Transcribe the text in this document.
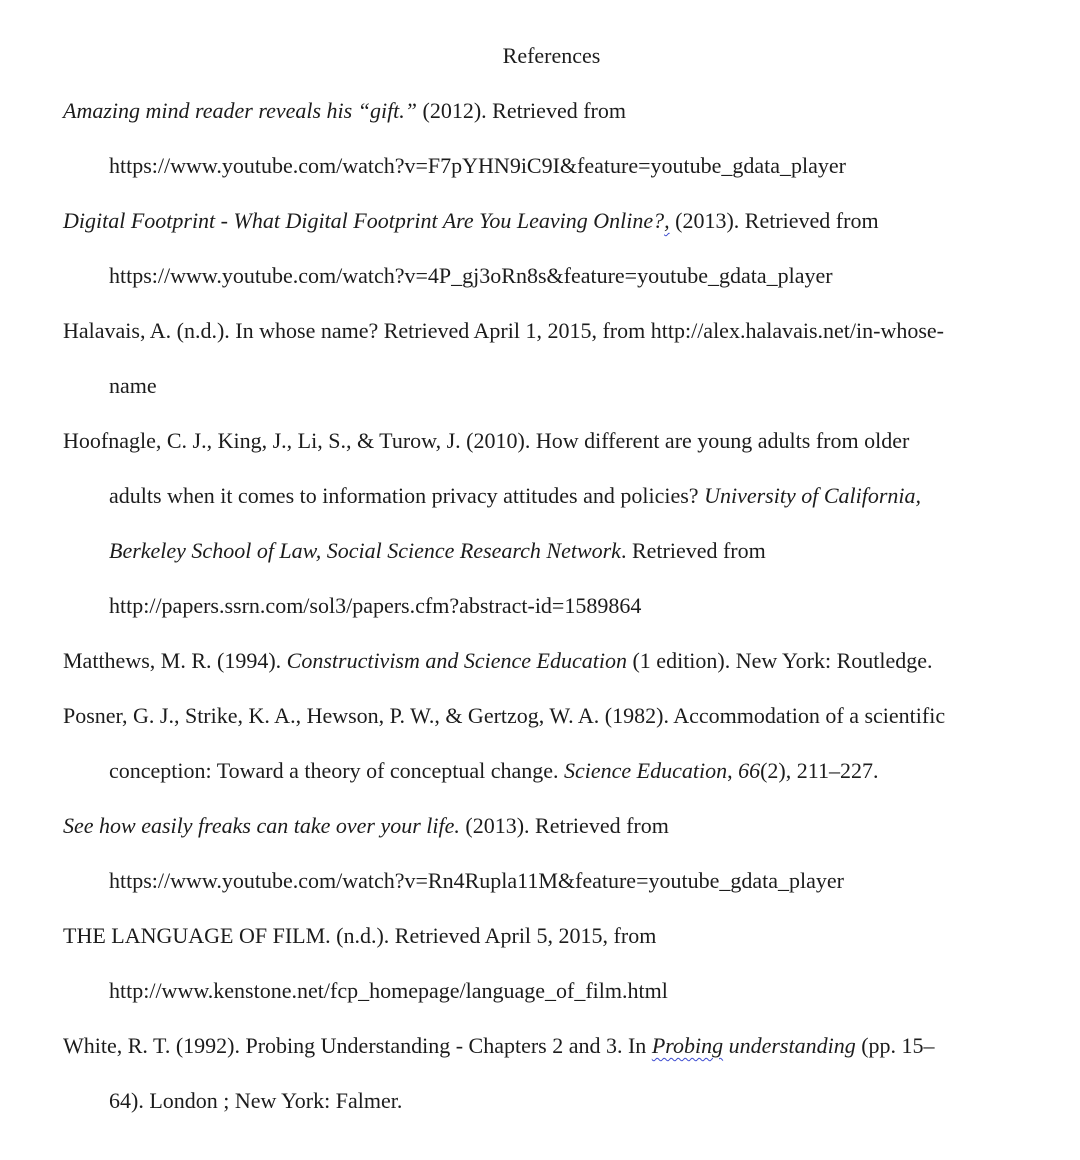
References
Amazing mind reader reveals his “gift.” (2012). Retrieved from
https://www.youtube.com/watch?v=F7pYHN9iC9I&feature=youtube_gdata_player
Digital Footprint - What Digital Footprint Are You Leaving Online?, (2013). Retrieved from
https://www.youtube.com/watch?v=4P_gj3oRn8s&feature=youtube_gdata_player
Halavais, A. (n.d.). In whose name? Retrieved April 1, 2015, from http://alex.halavais.net/in-whose-
name
Hoofnagle, C. J., King, J., Li, S., & Turow, J. (2010). How different are young adults from older
adults when it comes to information privacy attitudes and policies? University of California,
Berkeley School of Law, Social Science Research Network. Retrieved from
http://papers.ssrn.com/sol3/papers.cfm?abstract-id=1589864
Matthews, M. R. (1994). Constructivism and Science Education (1 edition). New York: Routledge.
Posner, G. J., Strike, K. A., Hewson, P. W., & Gertzog, W. A. (1982). Accommodation of a scientific
conception: Toward a theory of conceptual change. Science Education, 66(2), 211–227.
See how easily freaks can take over your life. (2013). Retrieved from
https://www.youtube.com/watch?v=Rn4Rupla11M&feature=youtube_gdata_player
THE LANGUAGE OF FILM. (n.d.). Retrieved April 5, 2015, from
http://www.kenstone.net/fcp_homepage/language_of_film.html
White, R. T. (1992). Probing Understanding - Chapters 2 and 3. In Probing understanding (pp. 15–
64). London ; New York: Falmer.
